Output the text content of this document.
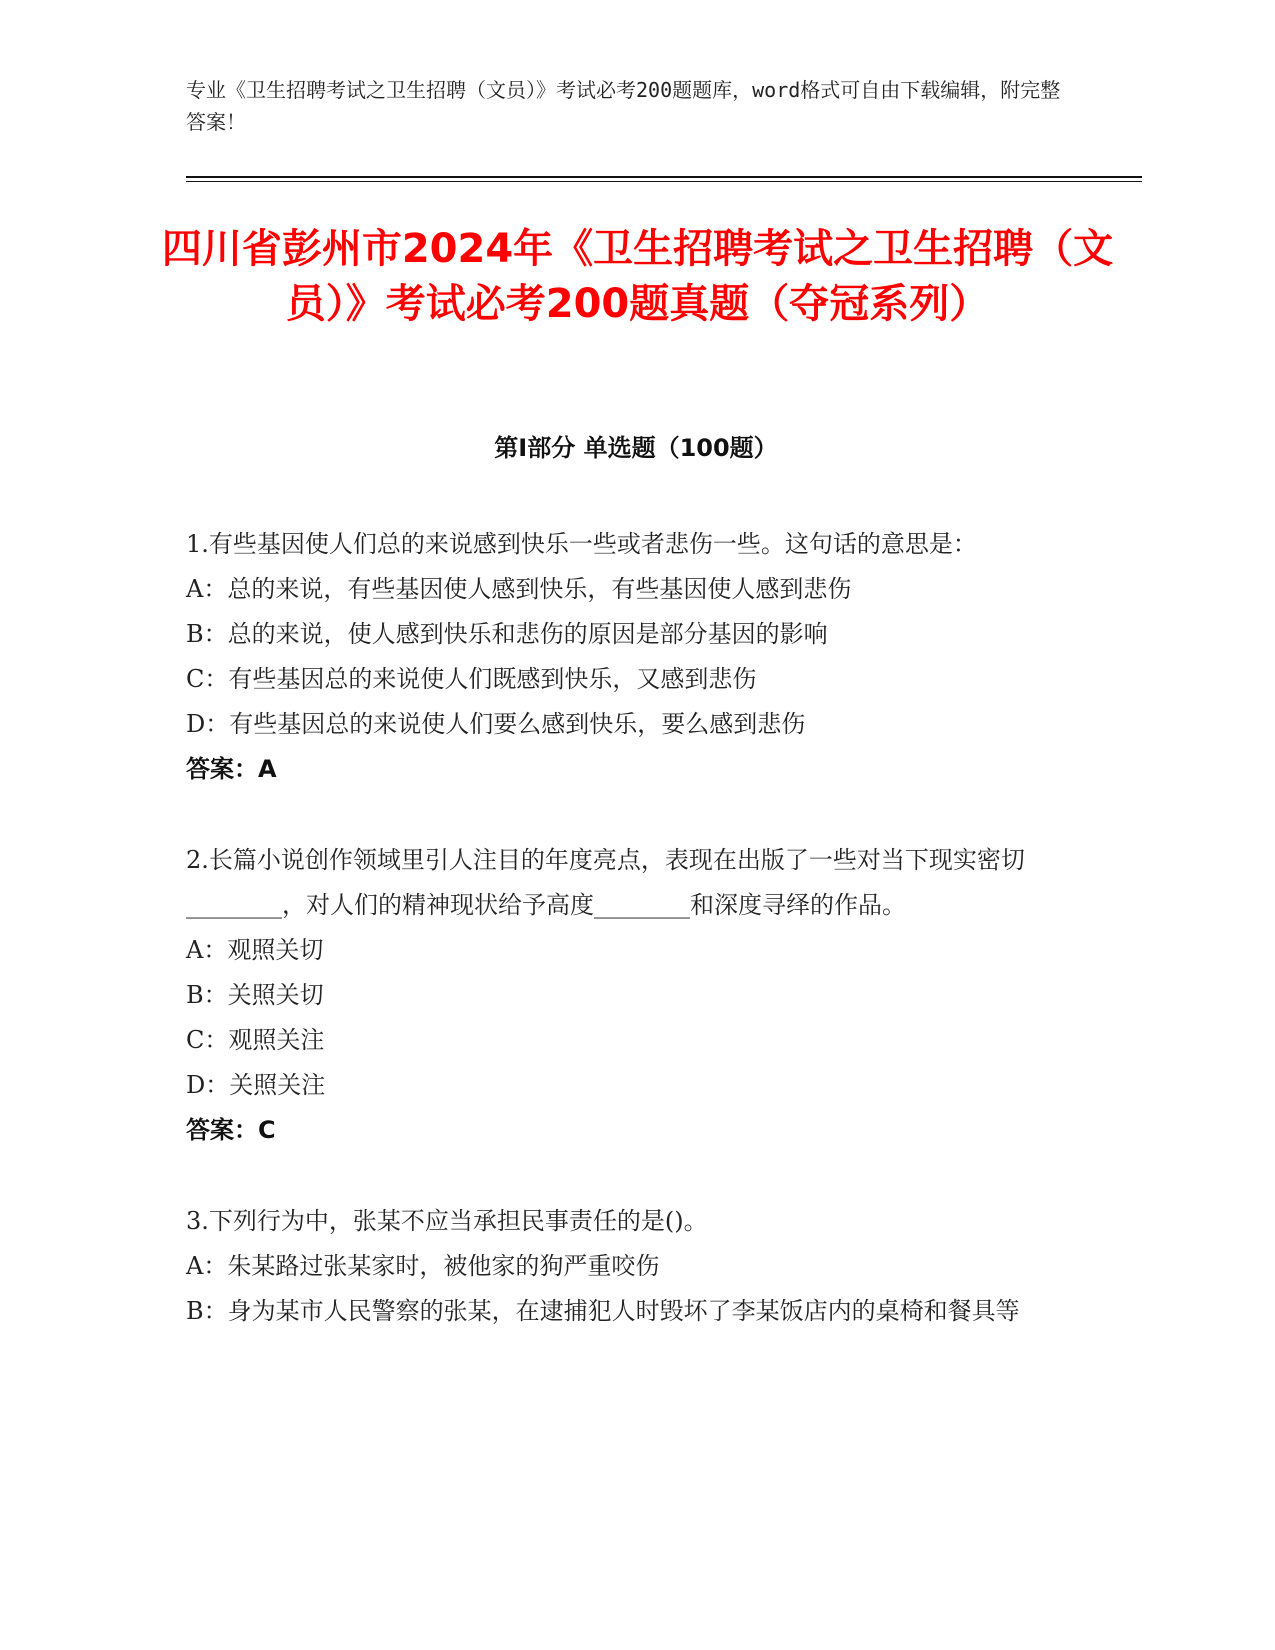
专业《卫生招聘考试之卫生招聘（文员）》考试必考200题题库，word格式可自由下载编辑，附完整答案！
四川省彭州市2024年《卫生招聘考试之卫生招聘（文员）》考试必考200题真题（夺冠系列）
第I部分 单选题（100题）

1.有些基因使人们总的来说感到快乐一些或者悲伤一些。这句话的意思是：

A：总的来说，有些基因使人感到快乐，有些基因使人感到悲伤

B：总的来说，使人感到快乐和悲伤的原因是部分基因的影响

C：有些基因总的来说使人们既感到快乐，又感到悲伤

D：有些基因总的来说使人们要么感到快乐，要么感到悲伤

答案：A

2.长篇小说创作领域里引人注目的年度亮点，表现在出版了一些对当下现实密切________，对人们的精神现状给予高度________和深度寻绎的作品。

A：观照关切

B：关照关切

C：观照关注

D：关照关注

答案：C

3.下列行为中，张某不应当承担民事责任的是()。

A：朱某路过张某家时，被他家的狗严重咬伤

B：身为某市人民警察的张某，在逮捕犯人时毁坏了李某饭店内的桌椅和餐具等
